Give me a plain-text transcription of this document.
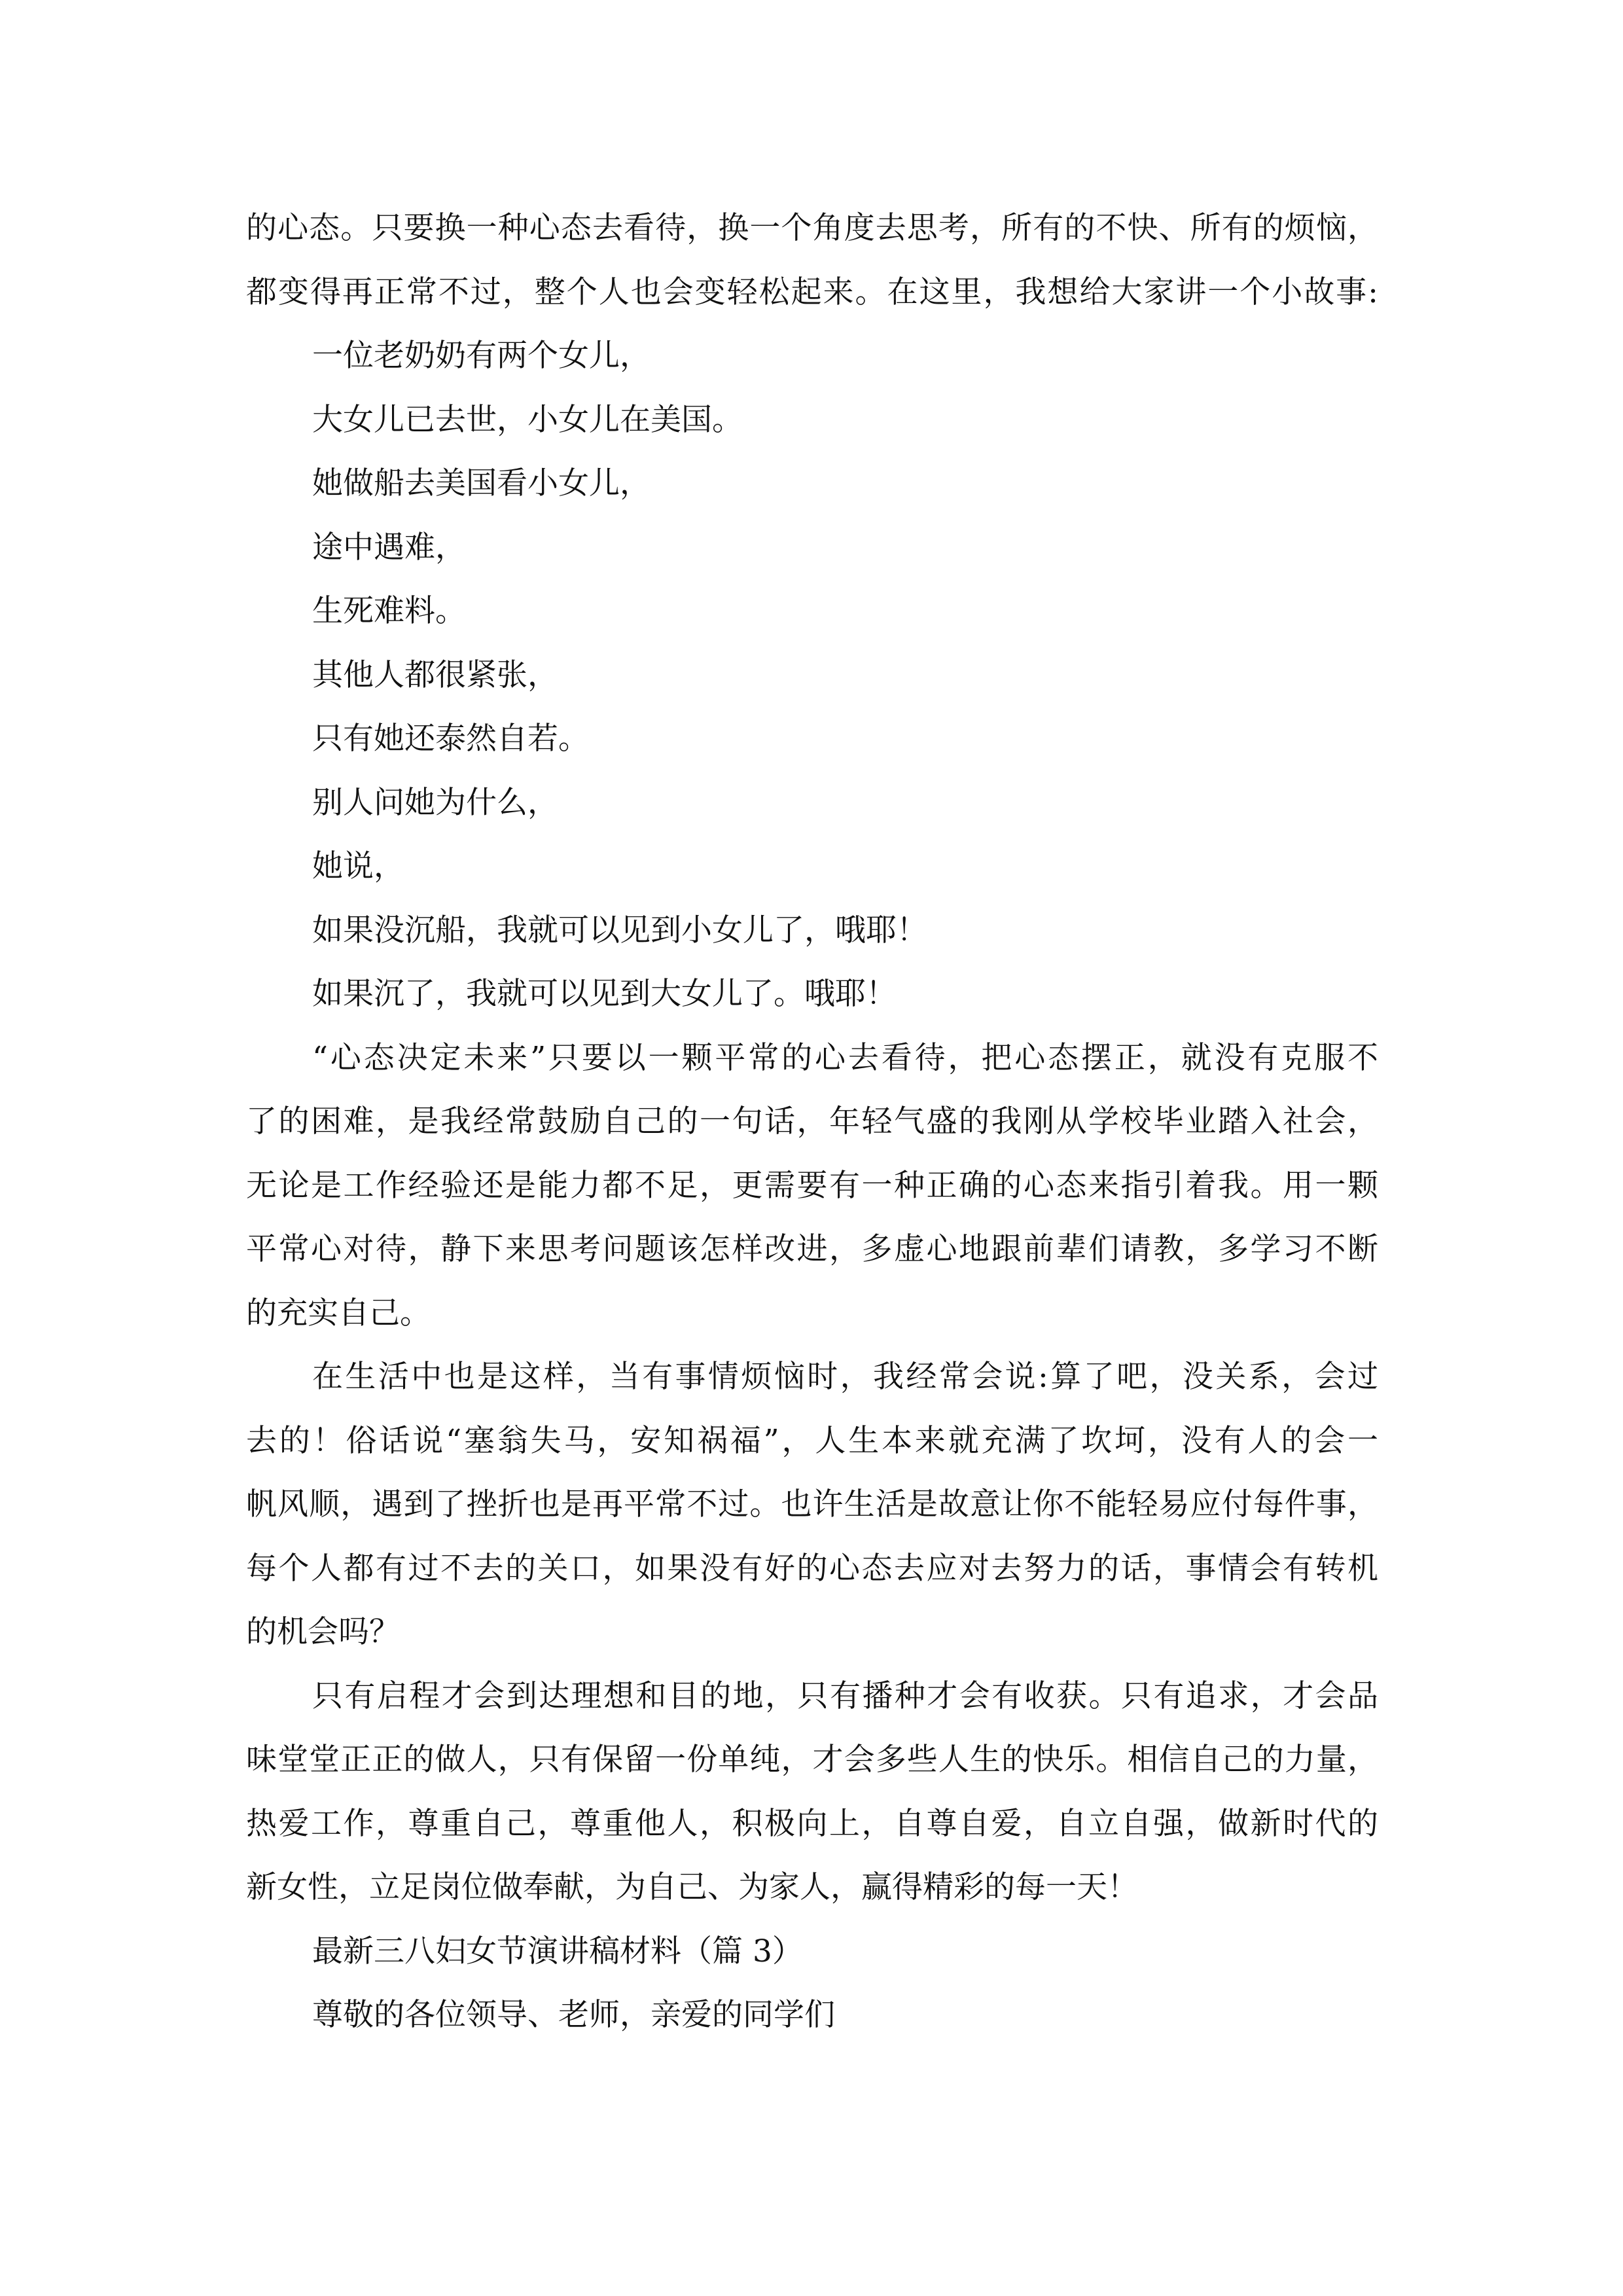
的心态。只要换一种心态去看待，换一个角度去思考，所有的不快、所有的烦恼，
都变得再正常不过，整个人也会变轻松起来。在这里，我想给大家讲一个小故事:
一位老奶奶有两个女儿，
大女儿已去世，小女儿在美国。
她做船去美国看小女儿，
途中遇难，
生死难料。
其他人都很紧张，
只有她还泰然自若。
别人问她为什么，
她说，
如果没沉船，我就可以见到小女儿了，哦耶！
如果沉了，我就可以见到大女儿了。哦耶！
“心态决定未来”只要以一颗平常的心去看待，把心态摆正，就没有克服不
了的困难，是我经常鼓励自己的一句话，年轻气盛的我刚从学校毕业踏入社会，
无论是工作经验还是能力都不足，更需要有一种正确的心态来指引着我。用一颗
平常心对待，静下来思考问题该怎样改进，多虚心地跟前辈们请教，多学习不断
的充实自己。
在生活中也是这样，当有事情烦恼时，我经常会说:算了吧，没关系，会过
去的！俗话说“塞翁失马，安知祸福”，人生本来就充满了坎坷，没有人的会一
帆风顺，遇到了挫折也是再平常不过。也许生活是故意让你不能轻易应付每件事，
每个人都有过不去的关口，如果没有好的心态去应对去努力的话，事情会有转机
的机会吗？
只有启程才会到达理想和目的地，只有播种才会有收获。只有追求，才会品
味堂堂正正的做人，只有保留一份单纯，才会多些人生的快乐。相信自己的力量，
热爱工作，尊重自己，尊重他人，积极向上，自尊自爱，自立自强，做新时代的
新女性，立足岗位做奉献，为自己、为家人，赢得精彩的每一天！
最新三八妇女节演讲稿材料（篇 3）
尊敬的各位领导、老师，亲爱的同学们
